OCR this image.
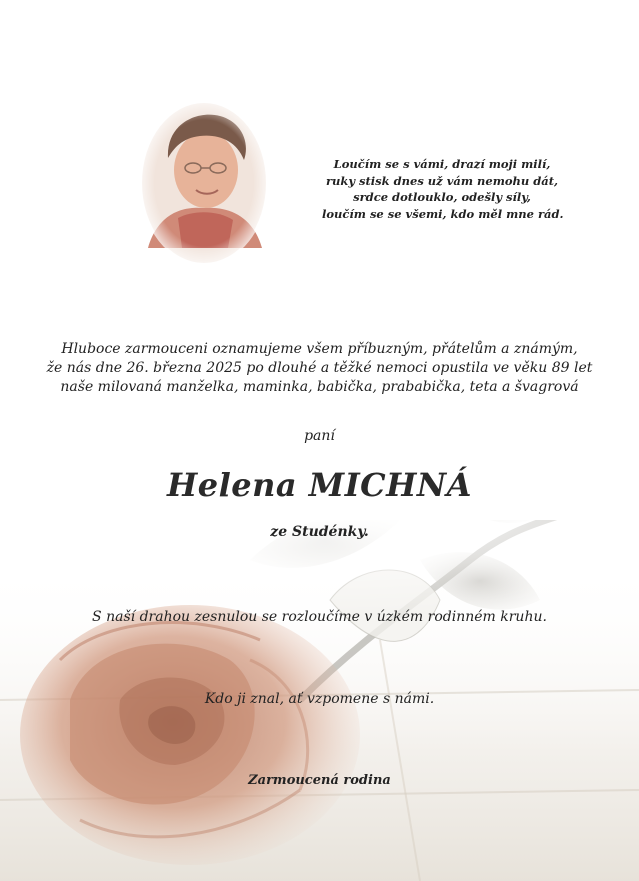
Loučím se s vámi, drazí moji milí,
ruky stisk dnes už vám nemohu dát,
srdce dotlouklo, odešly síly,
loučím se se všemi, kdo měl mne rád.
Hluboce zarmouceni oznamujeme všem příbuzným, přátelům a známým,
že nás dne 26. března 2025 po dlouhé a těžké nemoci opustila ve věku 89 let
naše milovaná manželka, maminka, babička, prababička, teta a švagrová
paní
Helena MICHNÁ
ze Studénky.
S naší drahou zesnulou se rozloučíme v úzkém rodinném kruhu.
Kdo ji znal, ať vzpomene s námi.
Zarmoucená rodina
